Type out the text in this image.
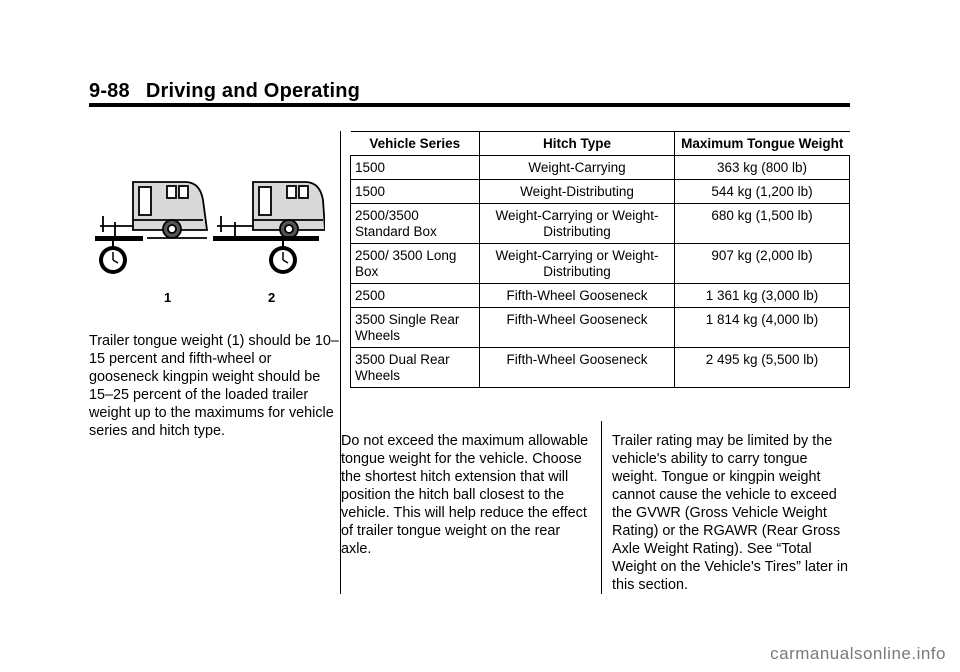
9-88 Driving and Operating
1	2

Trailer tongue weight (1) should be 10–15 percent and fifth-wheel or gooseneck kingpin weight should be 15–25 percent of the loaded trailer weight up to the maximums for vehicle series and hitch type.

Vehicle Series	Hitch Type	Maximum Tongue Weight
1500	Weight-Carrying	363 kg (800 lb)
1500	Weight-Distributing	544 kg (1,200 lb)
2500/3500 Standard Box	Weight-Carrying or Weight-Distributing	680 kg (1,500 lb)
2500/ 3500 Long Box	Weight-Carrying or Weight-Distributing	907 kg (2,000 lb)
2500	Fifth-Wheel Gooseneck	1 361 kg (3,000 lb)
3500 Single Rear Wheels	Fifth-Wheel Gooseneck	1 814 kg (4,000 lb)
3500 Dual Rear Wheels	Fifth-Wheel Gooseneck	2 495 kg (5,500 lb)

Do not exceed the maximum allowable tongue weight for the vehicle. Choose the shortest hitch extension that will position the hitch ball closest to the vehicle. This will help reduce the effect of trailer tongue weight on the rear axle.

Trailer rating may be limited by the vehicle's ability to carry tongue weight. Tongue or kingpin weight cannot cause the vehicle to exceed the GVWR (Gross Vehicle Weight Rating) or the RGAWR (Rear Gross Axle Weight Rating). See “Total Weight on the Vehicle's Tires” later in this section.

carmanualsonline.info
